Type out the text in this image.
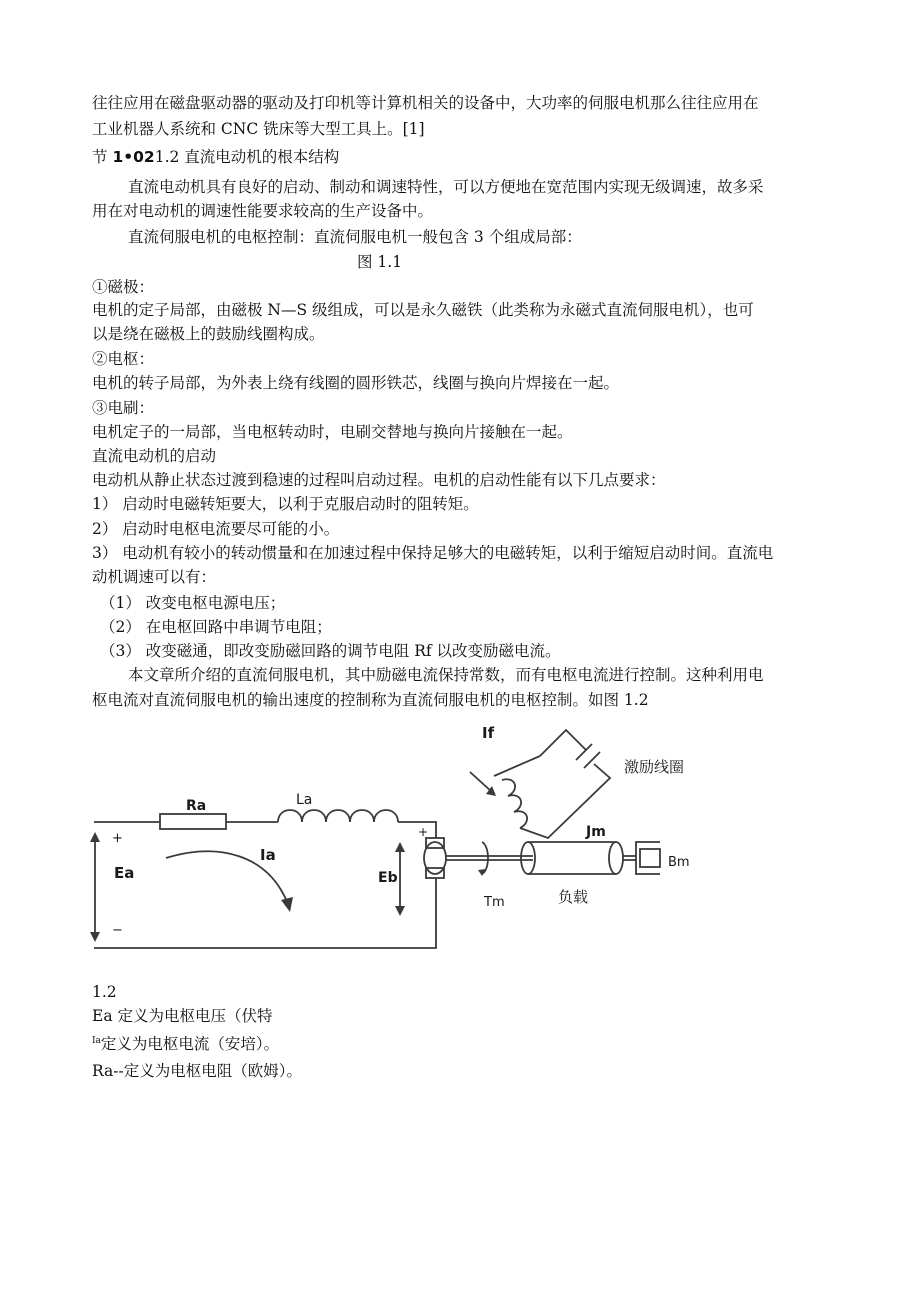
往往应用在磁盘驱动器的驱动及打印机等计算机相关的设备中，大功率的伺服电机那么往往应用在
工业机器人系统和 CNC 铣床等大型工具上。[1]
节 1•021.2 直流电动机的根本结构
直流电动机具有良好的启动、制动和调速特性，可以方便地在宽范围内实现无级调速，故多采
用在对电动机的调速性能要求较高的生产设备中。
直流伺服电机的电枢控制：直流伺服电机一般包含 3 个组成局部：
图 1.1
①磁极：
电机的定子局部，由磁极 N—S 级组成，可以是永久磁铁（此类称为永磁式直流伺服电机），也可
以是绕在磁极上的鼓励线圈构成。
②电枢：
电机的转子局部，为外表上绕有线圈的圆形铁芯，线圈与换向片焊接在一起。
③电刷：
电机定子的一局部，当电枢转动时，电刷交替地与换向片接触在一起。
直流电动机的启动
电动机从静止状态过渡到稳速的过程叫启动过程。电机的启动性能有以下几点要求：
1） 启动时电磁转矩要大，以利于克服启动时的阻转矩。
2） 启动时电枢电流要尽可能的小。
3） 电动机有较小的转动惯量和在加速过程中保持足够大的电磁转矩，以利于缩短启动时间。直流电
动机调速可以有：
（1） 改变电枢电源电压；
（2） 在电枢回路中串调节电阻；
（3） 改变磁通，即改变励磁回路的调节电阻 Rf 以改变励磁电流。
本文章所介绍的直流伺服电机，其中励磁电流保持常数，而有电枢电流进行控制。这种利用电
枢电流对直流伺服电机的输出速度的控制称为直流伺服电机的电枢控制。如图 1.2
Ra	La
Ia
Ea	Eb
+
−
+
If
激励线圈
Jm
Bm
Tm	负载
1.2
Ea 定义为电枢电压（伏特
$^{Ia}$定义为电枢电流（安培）。
Ra--定义为电枢电阻（欧姆）。
